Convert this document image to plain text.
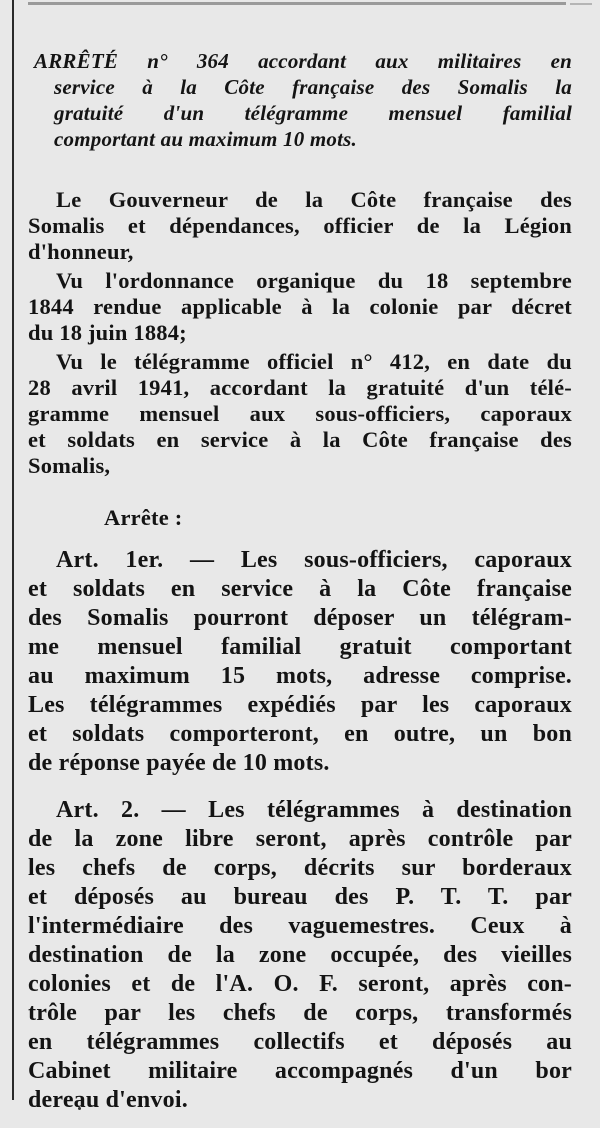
ARRÊTÉ n° 364 accordant aux militaires en
service à la Côte française des Somalis la
gratuité d'un télégramme mensuel familial
comportant au maximum 10 mots.
Le Gouverneur de la Côte française des
Somalis et dépendances, officier de la Légion
d'honneur,
Vu l'ordonnance organique du 18 septembre
1844 rendue applicable à la colonie par décret
du 18 juin 1884;
Vu le télégramme officiel n° 412, en date du
28 avril 1941, accordant la gratuité d'un télé-
gramme mensuel aux sous-officiers, caporaux
et soldats en service à la Côte française des
Somalis,
Arrête :
Art. 1er. — Les sous-officiers, caporaux
et soldats en service à la Côte française
des Somalis pourront déposer un télégram-
me mensuel familial gratuit comportant
au maximum 15 mots, adresse comprise.
Les télégrammes expédiés par les caporaux
et soldats comporteront, en outre, un bon
de réponse payée de 10 mots.
Art. 2. — Les télégrammes à destination
de la zone libre seront, après contrôle par
les chefs de corps, décrits sur borderaux
et déposés au bureau des P. T. T. par
l'intermédiaire des vaguemestres. Ceux à
destination de la zone occupée, des vieilles
colonies et de l'A. O. F. seront, après con-
trôle par les chefs de corps, transformés
en télégrammes collectifs et déposés au
Cabinet militaire accompagnés d'un bor
dereau d'envoi.
